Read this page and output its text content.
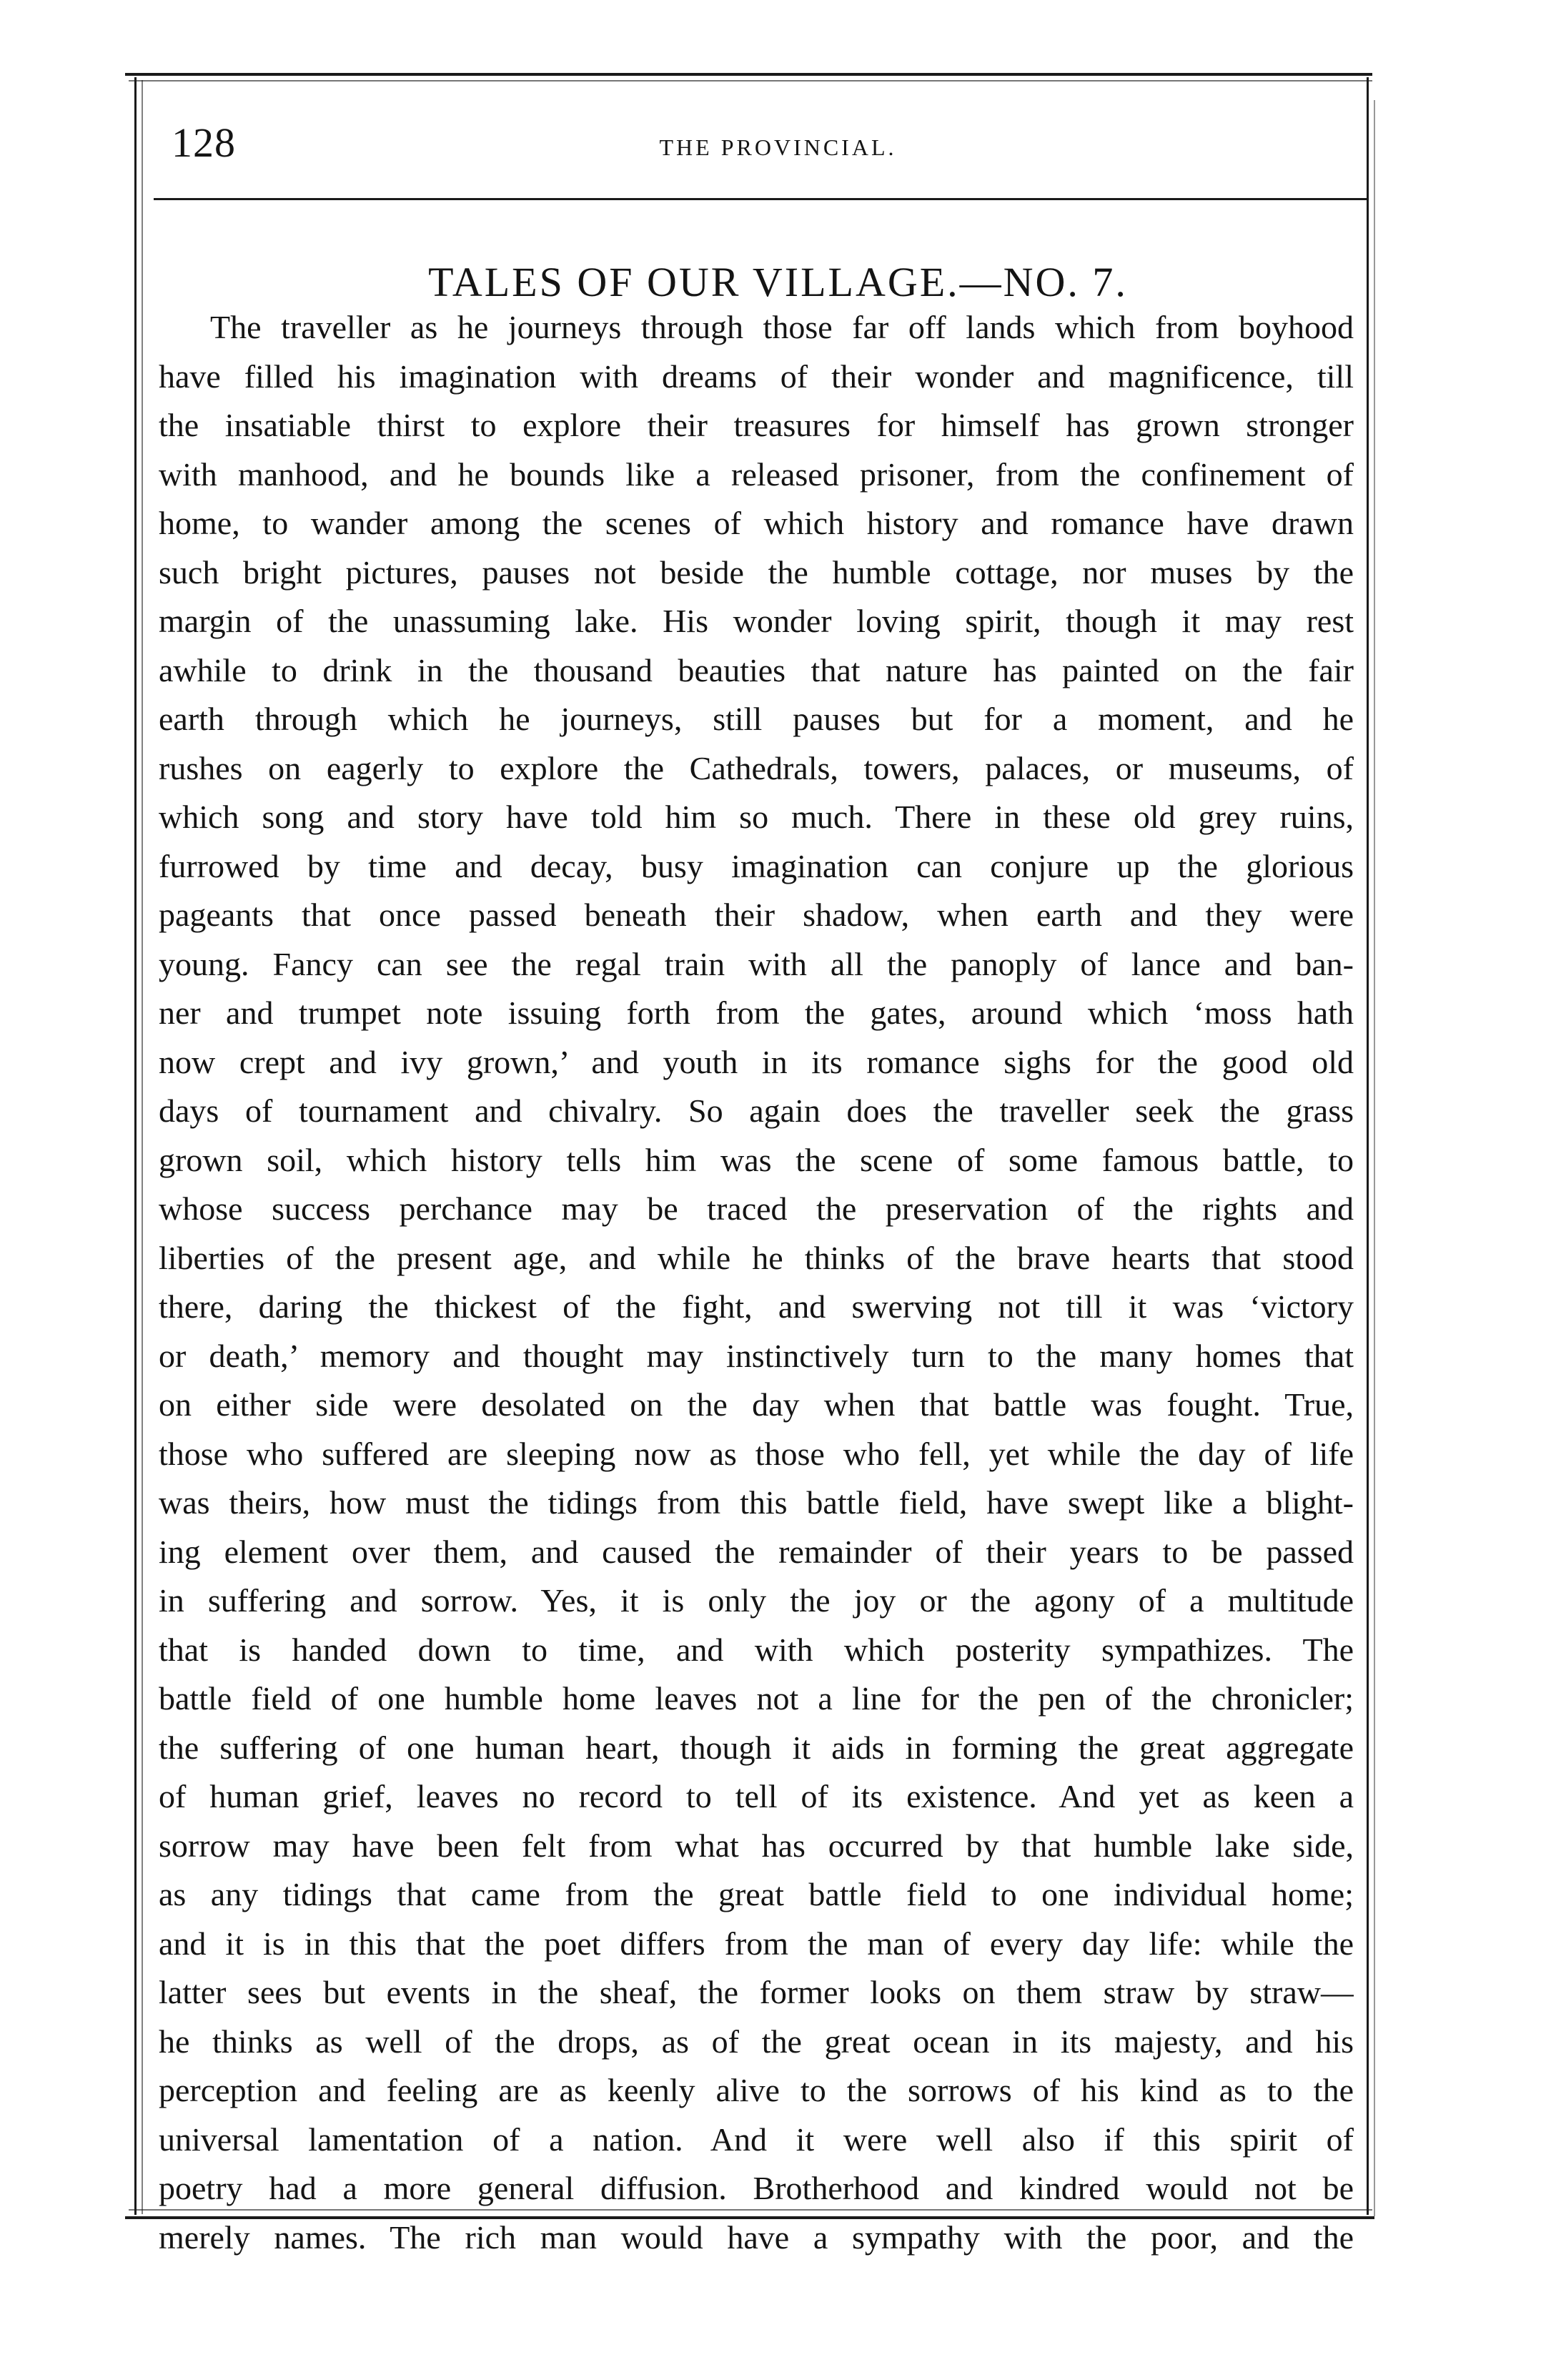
128	THE PROVINCIAL.
TALES OF OUR VILLAGE.—NO. 7.
The traveller as he journeys through those far off lands which from boyhood
have filled his imagination with dreams of their wonder and magnificence, till
the insatiable thirst to explore their treasures for himself has grown stronger
with manhood, and he bounds like a released prisoner, from the confinement of
home, to wander among the scenes of which history and romance have drawn
such bright pictures, pauses not beside the humble cottage, nor muses by the
margin of the unassuming lake. His wonder loving spirit, though it may rest
awhile to drink in the thousand beauties that nature has painted on the fair
earth through which he journeys, still pauses but for a moment, and he
rushes on eagerly to explore the Cathedrals, towers, palaces, or museums, of
which song and story have told him so much. There in these old grey ruins,
furrowed by time and decay, busy imagination can conjure up the glorious
pageants that once passed beneath their shadow, when earth and they were
young. Fancy can see the regal train with all the panoply of lance and ban-
ner and trumpet note issuing forth from the gates, around which ‘moss hath
now crept and ivy grown,’ and youth in its romance sighs for the good old
days of tournament and chivalry. So again does the traveller seek the grass
grown soil, which history tells him was the scene of some famous battle, to
whose success perchance may be traced the preservation of the rights and
liberties of the present age, and while he thinks of the brave hearts that stood
there, daring the thickest of the fight, and swerving not till it was ‘victory
or death,’ memory and thought may instinctively turn to the many homes that
on either side were desolated on the day when that battle was fought. True,
those who suffered are sleeping now as those who fell, yet while the day of life
was theirs, how must the tidings from this battle field, have swept like a blight-
ing element over them, and caused the remainder of their years to be passed
in suffering and sorrow. Yes, it is only the joy or the agony of a multitude
that is handed down to time, and with which posterity sympathizes. The
battle field of one humble home leaves not a line for the pen of the chronicler;
the suffering of one human heart, though it aids in forming the great aggregate
of human grief, leaves no record to tell of its existence. And yet as keen a
sorrow may have been felt from what has occurred by that humble lake side,
as any tidings that came from the great battle field to one individual home;
and it is in this that the poet differs from the man of every day life: while the
latter sees but events in the sheaf, the former looks on them straw by straw—
he thinks as well of the drops, as of the great ocean in its majesty, and his
perception and feeling are as keenly alive to the sorrows of his kind as to the
universal lamentation of a nation. And it were well also if this spirit of
poetry had a more general diffusion. Brotherhood and kindred would not be
merely names. The rich man would have a sympathy with the poor, and the
